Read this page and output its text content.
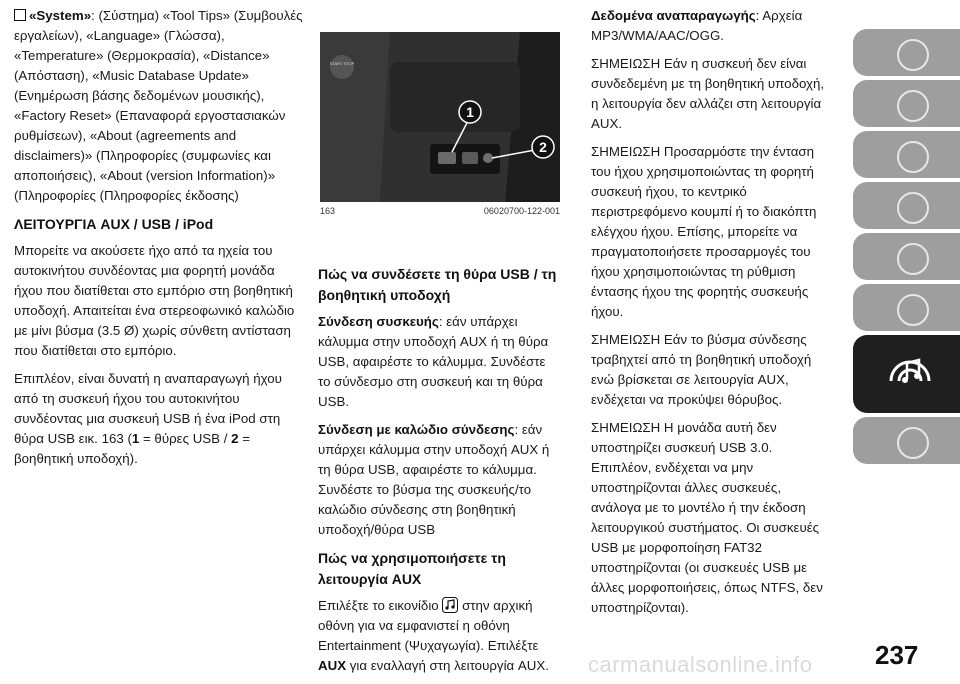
«System»: (Σύστημα) «Tool Tips» (Συμβουλές εργαλείων), «Language» (Γλώσσα), «Temperature» (Θερμοκρασία), «Distance» (Απόσταση), «Music Database Update» (Ενημέρωση βάσης δεδομένων μουσικής), «Factory Reset» (Επαναφορά εργοστασιακών ρυθμίσεων), «About (agreements and disclaimers)» (Πληροφορίες (συμφωνίες και αποποιήσεις), «About (version Information)» (Πληροφορίες (Πληροφορίες έκδοσης)

ΛΕΙΤΟΥΡΓΙΑ AUX / USB / iPod

Μπορείτε να ακούσετε ήχο από τα ηχεία του αυτοκινήτου συνδέοντας μια φορητή μονάδα ήχου που διατίθεται στο εμπόριο στη βοηθητική υποδοχή. Απαιτείται ένα στερεοφωνικό καλώδιο με μίνι βύσμα (3.5 Ø) χωρίς σύνθετη αντίσταση που διατίθεται στο εμπόριο.

Επιπλέον, είναι δυνατή η αναπαραγωγή ήχου από τη συσκευή ήχου του αυτοκινήτου συνδέοντας μια συσκευή USB ή ένα iPod στη θύρα USB εικ. 163 (1 = θύρες USB / 2 = βοηθητική υποδοχή).

START STOP
1
2
163	06020700-122-001
Πώς να συνδέσετε τη θύρα USB / τη βοηθητική υποδοχή

Σύνδεση συσκευής: εάν υπάρχει κάλυμμα στην υποδοχή AUX ή τη θύρα USB, αφαιρέστε το κάλυμμα. Συνδέστε το σύνδεσμο στη συσκευή και τη θύρα USB.

Σύνδεση με καλώδιο σύνδεσης: εάν υπάρχει κάλυμμα στην υποδοχή AUX ή τη θύρα USB, αφαιρέστε το κάλυμμα. Συνδέστε το βύσμα της συσκευής/το καλώδιο σύνδεσης στη βοηθητική υποδοχή/θύρα USB

Πώς να χρησιμοποιήσετε τη λειτουργία AUX

Επιλέξτε το εικονίδιο στην αρχική οθόνη για να εμφανιστεί η οθόνη Entertainment (Ψυχαγωγία). Επιλέξτε AUX για εναλλαγή στη λειτουργία AUX.

Δεδομένα αναπαραγωγής: Αρχεία MP3/WMA/AAC/OGG.

ΣΗΜΕΙΩΣΗ Εάν η συσκευή δεν είναι συνδεδεμένη με τη βοηθητική υποδοχή, η λειτουργία δεν αλλάζει στη λειτουργία AUX.

ΣΗΜΕΙΩΣΗ Προσαρμόστε την ένταση του ήχου χρησιμοποιώντας τη φορητή συσκευή ήχου, το κεντρικό περιστρεφόμενο κουμπί ή το διακόπτη ελέγχου ήχου. Επίσης, μπορείτε να πραγματοποιήσετε προσαρμογές του ήχου χρησιμοποιώντας τη ρύθμιση έντασης ήχου της φορητής συσκευής ήχου.

ΣΗΜΕΙΩΣΗ Εάν το βύσμα σύνδεσης τραβηχτεί από τη βοηθητική υποδοχή ενώ βρίσκεται σε λειτουργία AUX, ενδέχεται να προκύψει θόρυβος.

ΣΗΜΕΙΩΣΗ Η μονάδα αυτή δεν υποστηρίζει συσκευή USB 3.0. Επιπλέον, ενδέχεται να μην υποστηρίζονται άλλες συσκευές, ανάλογα με το μοντέλο ή την έκδοση λειτουργικού συστήματος. Οι συσκευές USB με μορφοποίηση FAT32 υποστηρίζονται (οι συσκευές USB με άλλες μορφοποιήσεις, όπως NTFS, δεν υποστηρίζονται).

237
carmanualsonline.info
